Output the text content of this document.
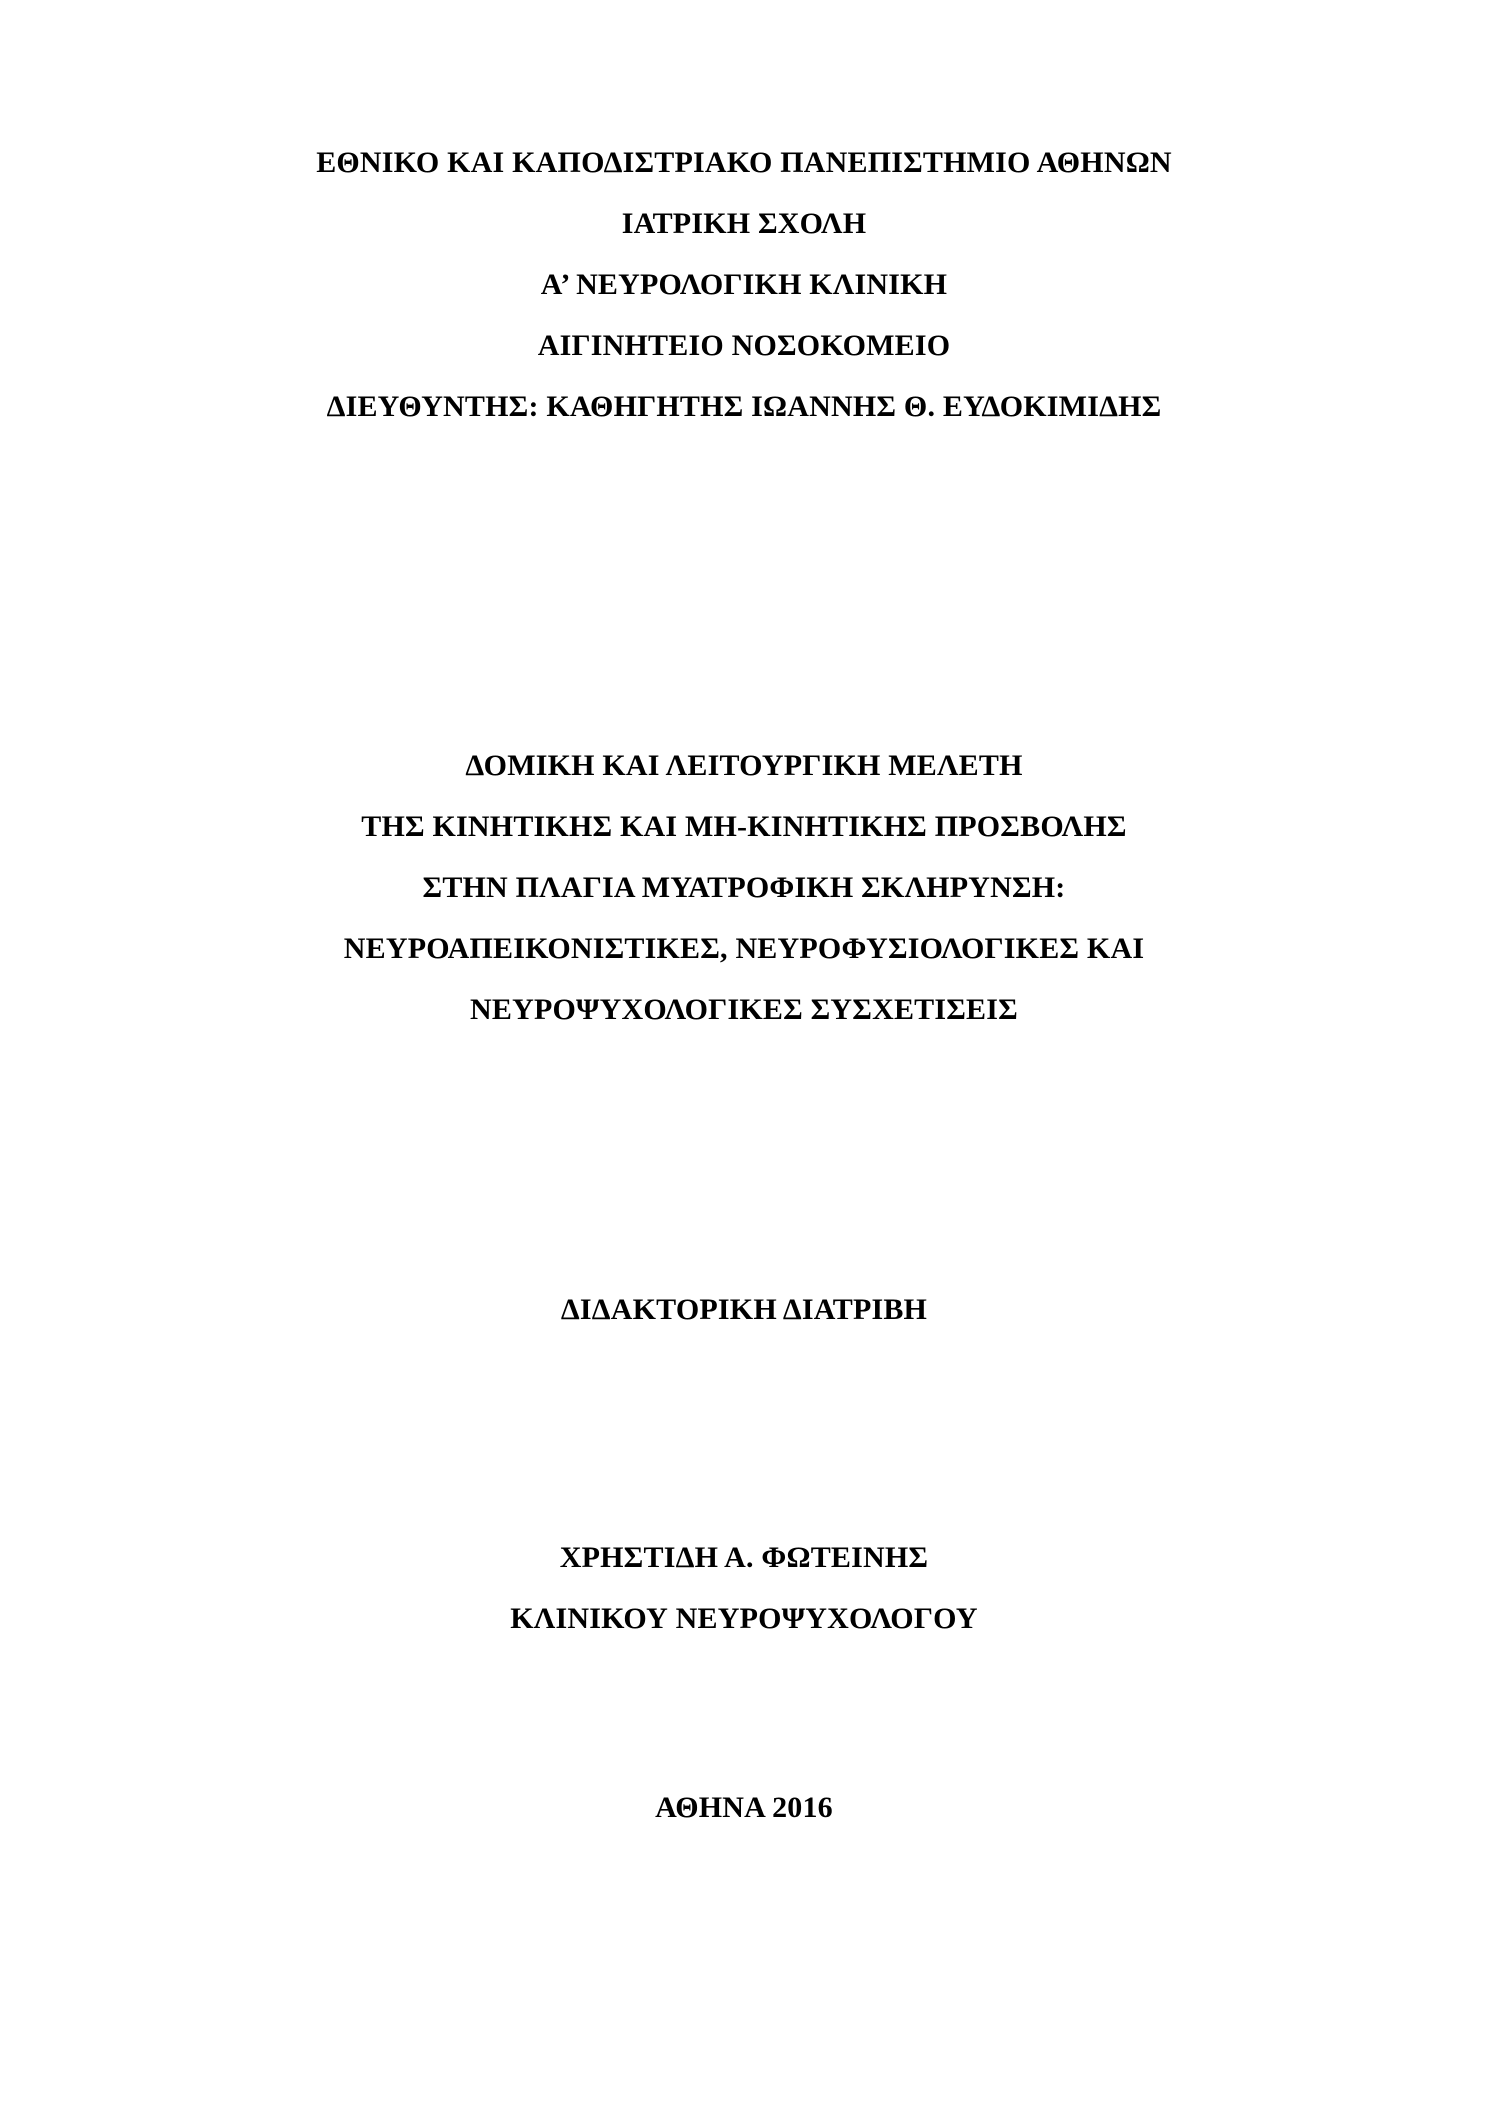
ΕΘΝΙΚΟ ΚΑΙ ΚΑΠΟΔΙΣΤΡΙΑΚΟ ΠΑΝΕΠΙΣΤΗΜΙΟ ΑΘΗΝΩΝ
ΙΑΤΡΙΚΗ ΣΧΟΛΗ
Α’ ΝΕΥΡΟΛΟΓΙΚΗ ΚΛΙΝΙΚΗ
ΑΙΓΙΝΗΤΕΙΟ ΝΟΣΟΚΟΜΕΙΟ
ΔΙΕΥΘΥΝΤΗΣ: ΚΑΘΗΓΗΤΗΣ ΙΩΑΝΝΗΣ Θ. ΕΥΔΟΚΙΜΙΔΗΣ
ΔΟΜΙΚΗ ΚΑΙ ΛΕΙΤΟΥΡΓΙΚΗ ΜΕΛΕΤΗ
ΤΗΣ ΚΙΝΗΤΙΚΗΣ ΚΑΙ ΜΗ-ΚΙΝΗΤΙΚΗΣ ΠΡΟΣΒΟΛΗΣ
ΣΤΗΝ ΠΛΑΓΙΑ ΜΥΑΤΡΟΦΙΚΗ ΣΚΛΗΡΥΝΣΗ:
ΝΕΥΡΟΑΠΕΙΚΟΝΙΣΤΙΚΕΣ, ΝΕΥΡΟΦΥΣΙΟΛΟΓΙΚΕΣ ΚΑΙ
ΝΕΥΡΟΨΥΧΟΛΟΓΙΚΕΣ ΣΥΣΧΕΤΙΣΕΙΣ
ΔΙΔΑΚΤΟΡΙΚΗ ΔΙΑΤΡΙΒΗ
ΧΡΗΣΤΙΔΗ Α. ΦΩΤΕΙΝΗΣ
ΚΛΙΝΙΚΟΥ ΝΕΥΡΟΨΥΧΟΛΟΓΟΥ
ΑΘΗΝΑ 2016
